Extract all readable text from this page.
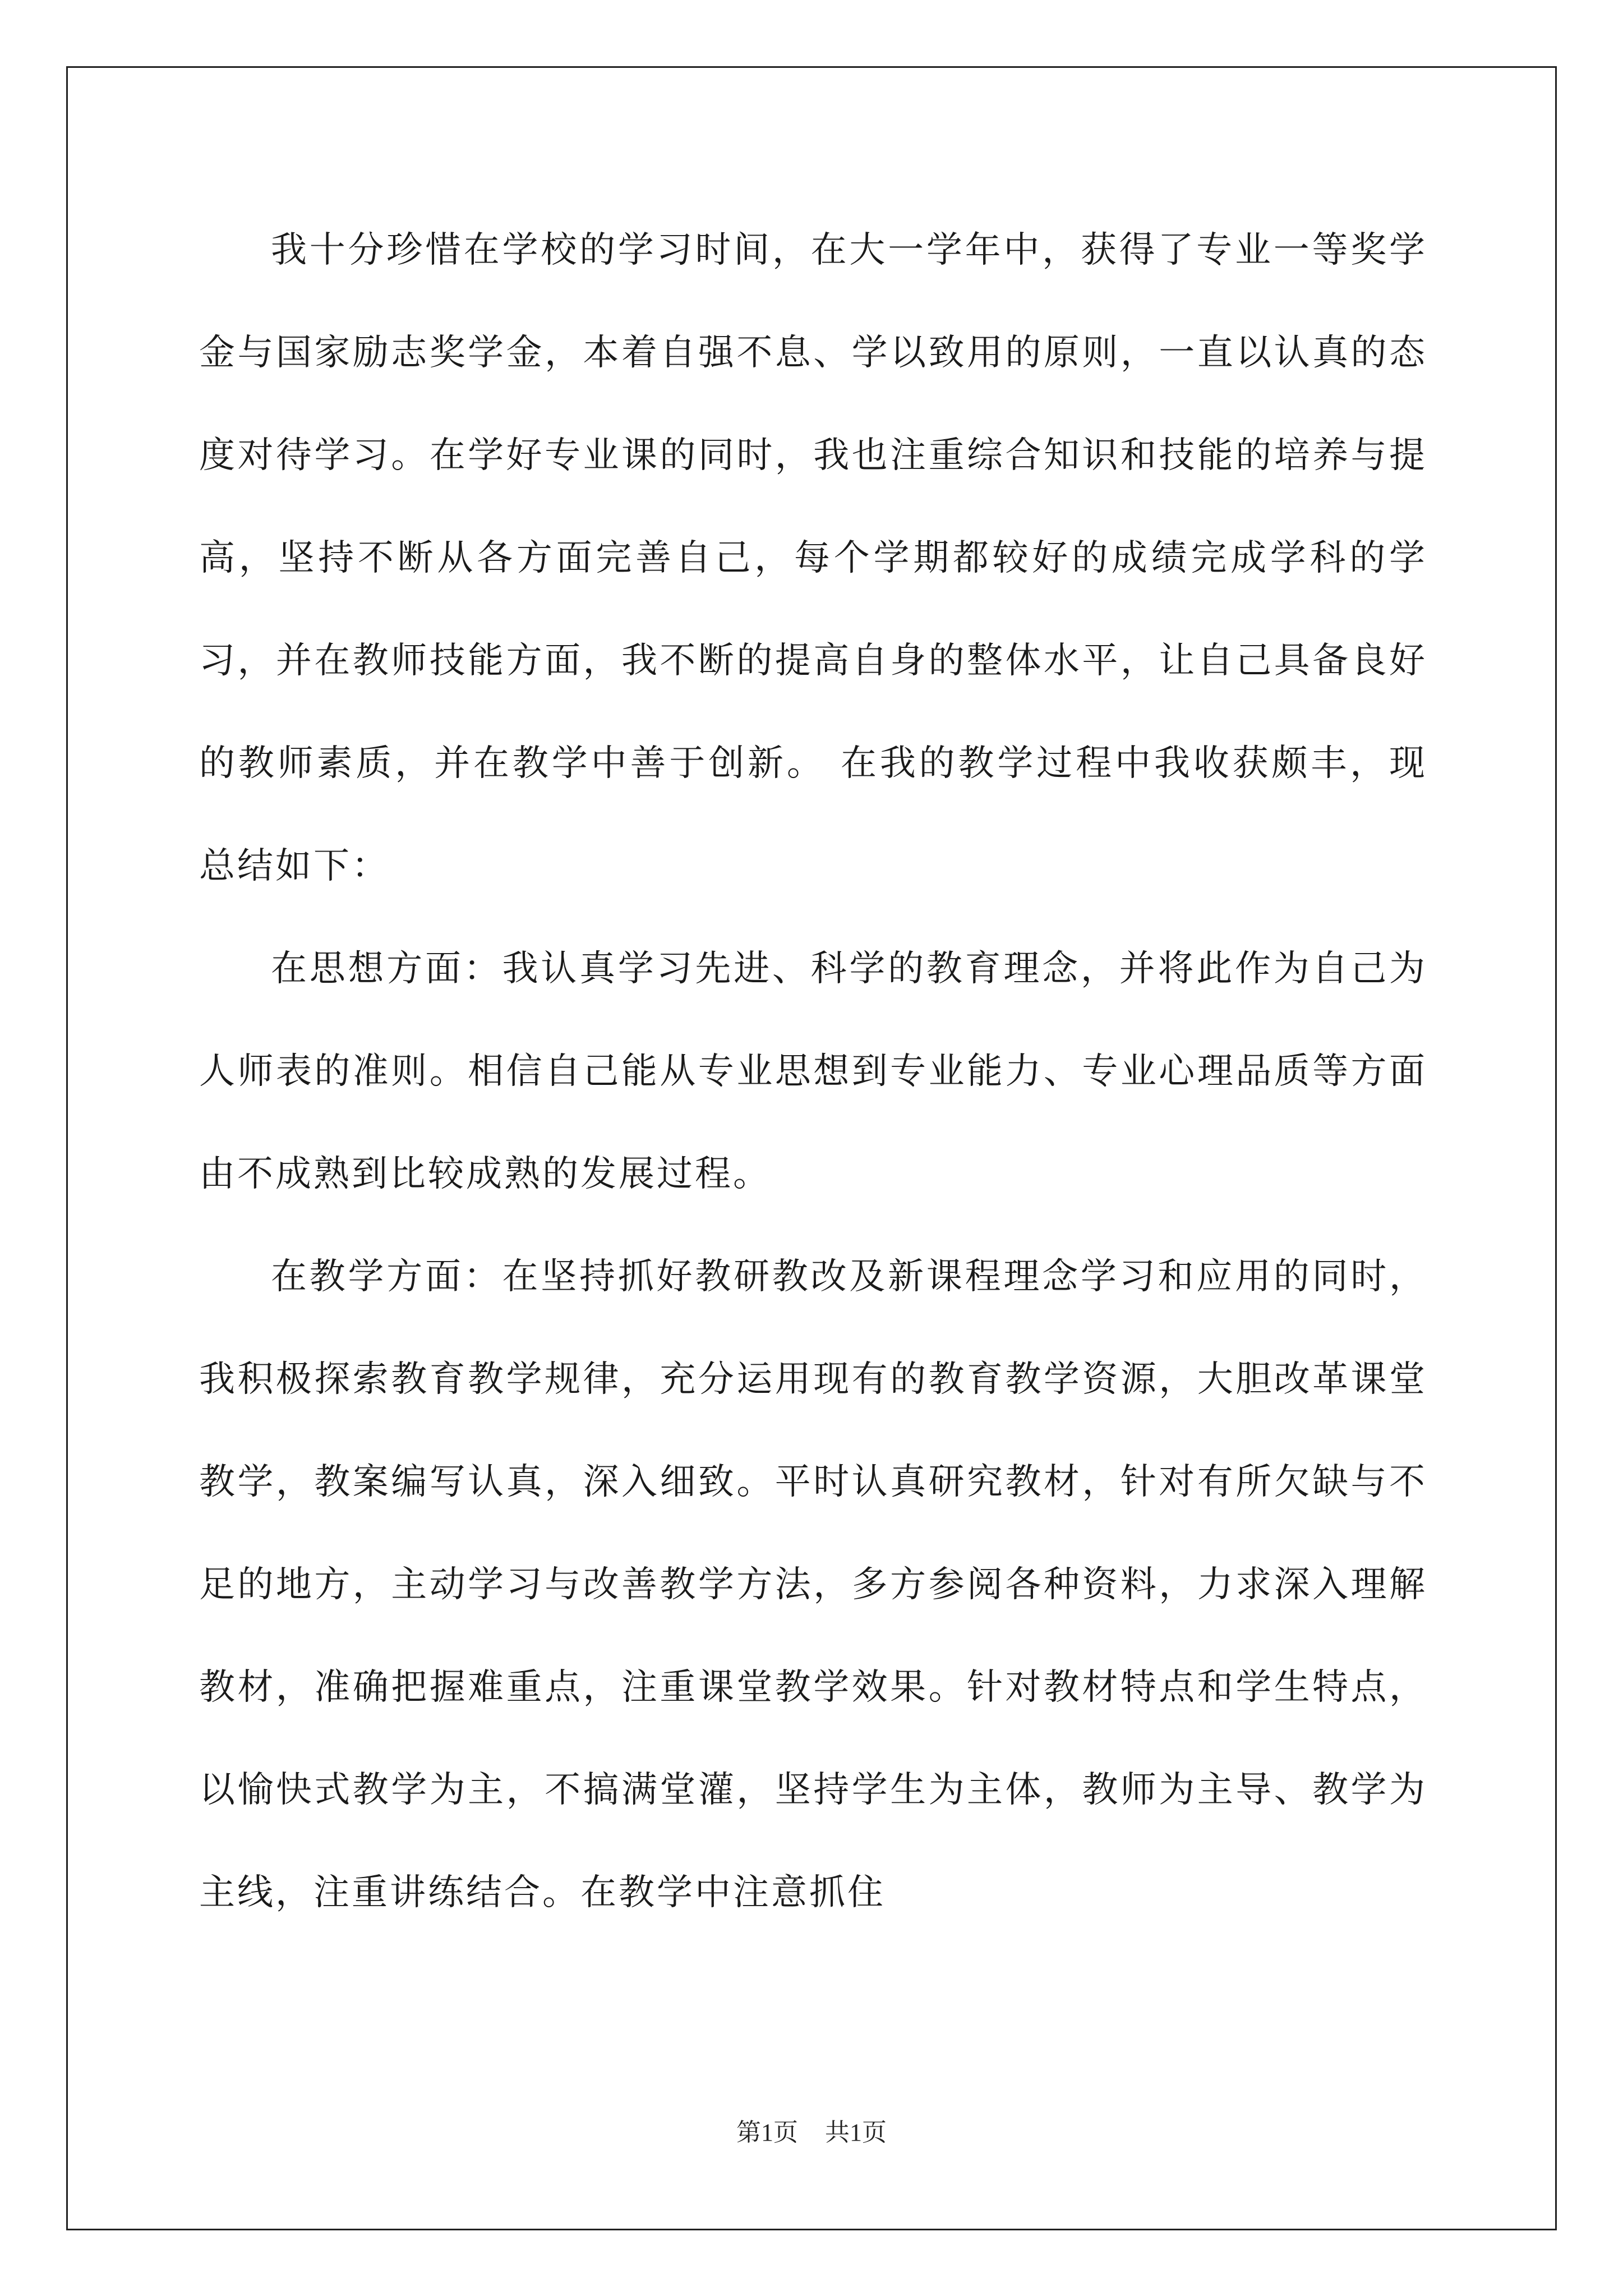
我十分珍惜在学校的学习时间，在大一学年中，获得了专业一等奖学金与国家励志奖学金，本着自强不息、学以致用的原则，一直以认真的态度对待学习。在学好专业课的同时，我也注重综合知识和技能的培养与提高，坚持不断从各方面完善自己，每个学期都较好的成绩完成学科的学习，并在教师技能方面，我不断的提高自身的整体水平，让自己具备良好的教师素质，并在教学中善于创新。 在我的教学过程中我收获颇丰，现总结如下：

在思想方面：我认真学习先进、科学的教育理念，并将此作为自己为人师表的准则。相信自己能从专业思想到专业能力、专业心理品质等方面由不成熟到比较成熟的发展过程。

在教学方面：在坚持抓好教研教改及新课程理念学习和应用的同时，我积极探索教育教学规律，充分运用现有的教育教学资源，大胆改革课堂教学，教案编写认真，深入细致。平时认真研究教材，针对有所欠缺与不足的地方，主动学习与改善教学方法，多方参阅各种资料，力求深入理解教材，准确把握难重点，注重课堂教学效果。针对教材特点和学生特点，以愉快式教学为主，不搞满堂灌，坚持学生为主体，教师为主导、教学为主线，注重讲练结合。在教学中注意抓住

第1页 共1页
